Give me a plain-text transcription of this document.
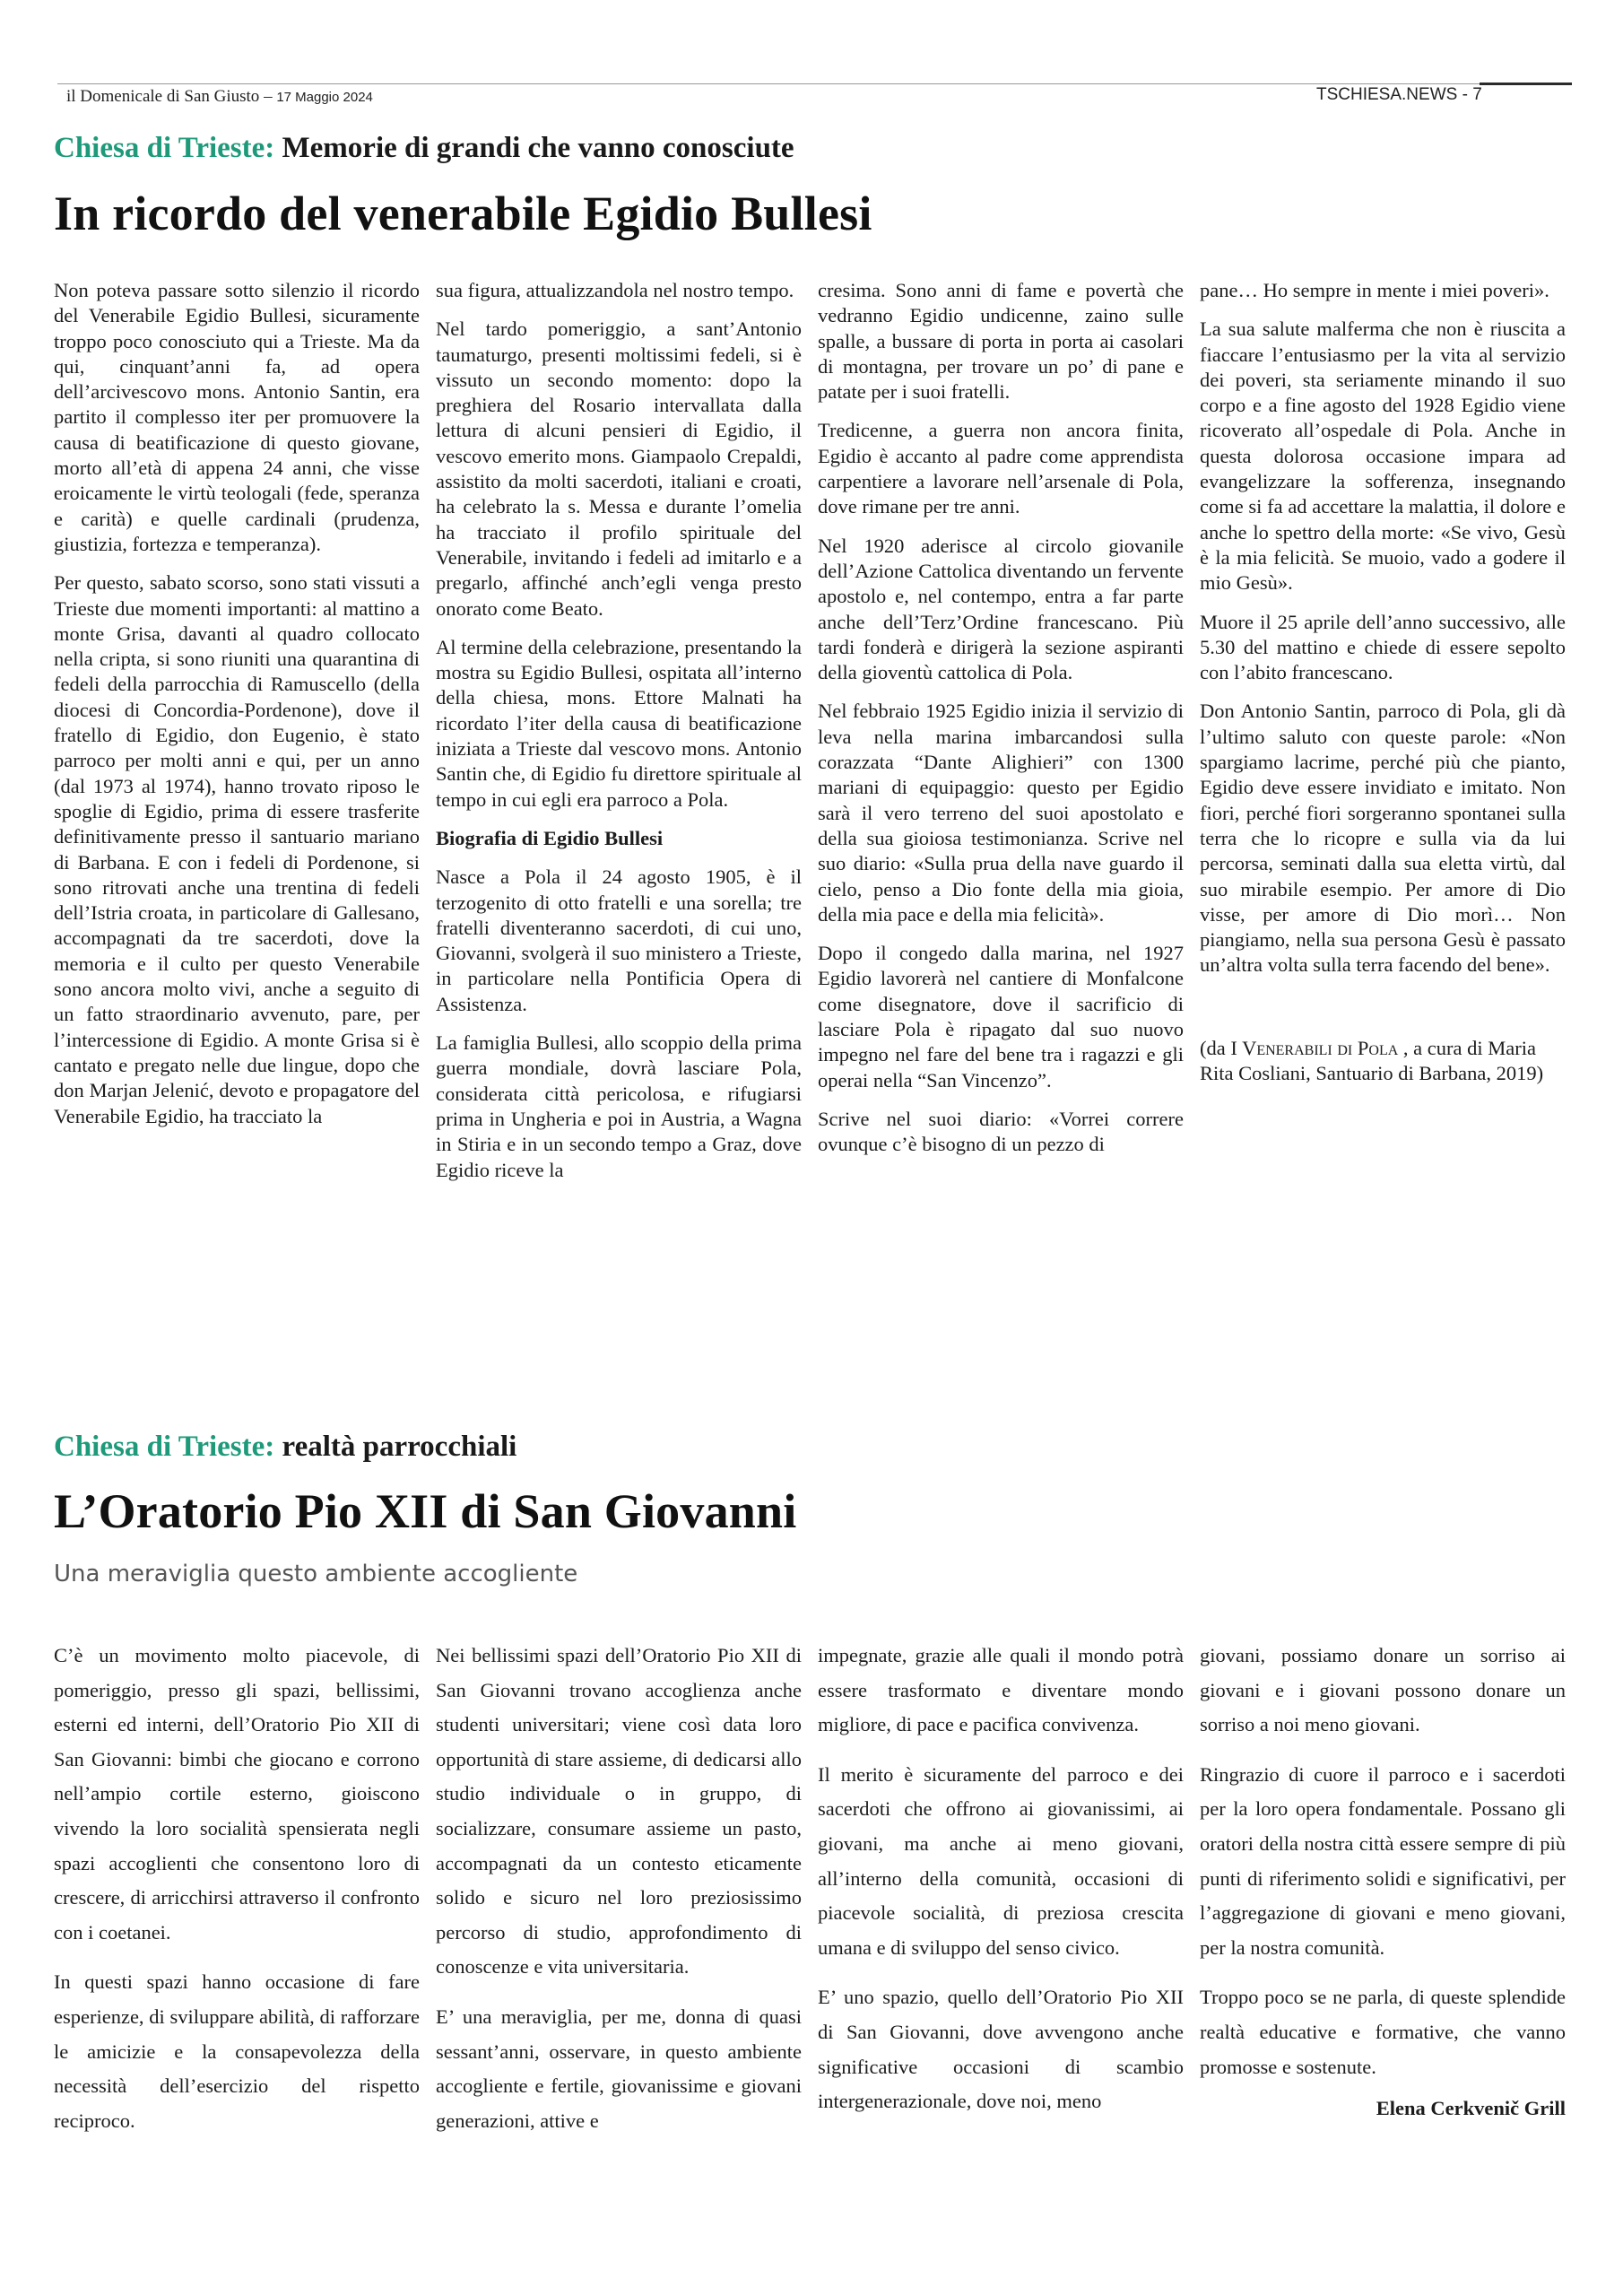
il Domenicale di San Giusto – 17 Maggio 2024	TSCHIESA.NEWS - 7
Chiesa di Trieste: Memorie di grandi che vanno conosciute
In ricordo del venerabile Egidio Bullesi

Non poteva passare sotto silenzio il ricordo del Venerabile Egidio Bullesi, sicuramente troppo poco conosciuto qui a Trieste. Ma da qui, cinquant’anni fa, ad opera dell’arcivescovo mons. Antonio Santin, era partito il complesso iter per promuovere la causa di beatificazione di questo giovane, morto all’età di appena 24 anni, che visse eroicamente le virtù teologali (fede, speranza e carità) e quelle cardinali (prudenza, giustizia, fortezza e temperanza).

Per questo, sabato scorso, sono stati vissuti a Trieste due momenti importanti: al mattino a monte Grisa, davanti al quadro collocato nella cripta, si sono riuniti una quarantina di fedeli della parrocchia di Ramuscello (della diocesi di Concordia-Pordenone), dove il fratello di Egidio, don Eugenio, è stato parroco per molti anni e qui, per un anno (dal 1973 al 1974), hanno trovato riposo le spoglie di Egidio, prima di essere trasferite definitivamente presso il santuario mariano di Barbana. E con i fedeli di Pordenone, si sono ritrovati anche una trentina di fedeli dell’Istria croata, in particolare di Gallesano, accompagnati da tre sacerdoti, dove la memoria e il culto per questo Venerabile sono ancora molto vivi, anche a seguito di un fatto straordinario avvenuto, pare, per l’intercessione di Egidio. A monte Grisa si è cantato e pregato nelle due lingue, dopo che don Marjan Jelenić, devoto e propagatore del Venerabile Egidio, ha tracciato la

sua figura, attualizzandola nel nostro tempo.

Nel tardo pomeriggio, a sant’Antonio taumaturgo, presenti moltissimi fedeli, si è vissuto un secondo momento: dopo la preghiera del Rosario intervallata dalla lettura di alcuni pensieri di Egidio, il vescovo emerito mons. Giampaolo Crepaldi, assistito da molti sacerdoti, italiani e croati, ha celebrato la s. Messa e durante l’omelia ha tracciato il profilo spirituale del Venerabile, invitando i fedeli ad imitarlo e a pregarlo, affinché anch’egli venga presto onorato come Beato.

Al termine della celebrazione, presentando la mostra su Egidio Bullesi, ospitata all’interno della chiesa, mons. Ettore Malnati ha ricordato l’iter della causa di beatificazione iniziata a Trieste dal vescovo mons. Antonio Santin che, di Egidio fu direttore spirituale al tempo in cui egli era parroco a Pola.

Biografia di Egidio Bullesi

Nasce a Pola il 24 agosto 1905, è il terzogenito di otto fratelli e una sorella; tre fratelli diventeranno sacerdoti, di cui uno, Giovanni, svolgerà il suo ministero a Trieste, in particolare nella Pontificia Opera di Assistenza.

La famiglia Bullesi, allo scoppio della prima guerra mondiale, dovrà lasciare Pola, considerata città pericolosa, e rifugiarsi prima in Ungheria e poi in Austria, a Wagna in Stiria e in un secondo tempo a Graz, dove Egidio riceve la

cresima. Sono anni di fame e povertà che vedranno Egidio undicenne, zaino sulle spalle, a bussare di porta in porta ai casolari di montagna, per trovare un po’ di pane e patate per i suoi fratelli.

Tredicenne, a guerra non ancora finita, Egidio è accanto al padre come apprendista carpentiere a lavorare nell’arsenale di Pola, dove rimane per tre anni.

Nel 1920 aderisce al circolo giovanile dell’Azione Cattolica diventando un fervente apostolo e, nel contempo, entra a far parte anche dell’Terz’Ordine francescano. Più tardi fonderà e dirigerà la sezione aspiranti della gioventù cattolica di Pola.

Nel febbraio 1925 Egidio inizia il servizio di leva nella marina imbarcandosi sulla corazzata “Dante Alighieri” con 1300 mariani di equipaggio: questo per Egidio sarà il vero terreno del suoi apostolato e della sua gioiosa testimonianza. Scrive nel suo diario: «Sulla prua della nave guardo il cielo, penso a Dio fonte della mia gioia, della mia pace e della mia felicità».

Dopo il congedo dalla marina, nel 1927 Egidio lavorerà nel cantiere di Monfalcone come disegnatore, dove il sacrificio di lasciare Pola è ripagato dal suo nuovo impegno nel fare del bene tra i ragazzi e gli operai nella “San Vincenzo”.

Scrive nel suoi diario: «Vorrei correre ovunque c’è bisogno di un pezzo di

pane… Ho sempre in mente i miei poveri».

La sua salute malferma che non è riuscita a fiaccare l’entusiasmo per la vita al servizio dei poveri, sta seriamente minando il suo corpo e a fine agosto del 1928 Egidio viene ricoverato all’ospedale di Pola. Anche in questa dolorosa occasione impara ad evangelizzare la sofferenza, insegnando come si fa ad accettare la malattia, il dolore e anche lo spettro della morte: «Se vivo, Gesù è la mia felicità. Se muoio, vado a godere il mio Gesù».

Muore il 25 aprile dell’anno successivo, alle 5.30 del mattino e chiede di essere sepolto con l’abito francescano.

Don Antonio Santin, parroco di Pola, gli dà l’ultimo saluto con queste parole: «Non spargiamo lacrime, perché più che pianto, Egidio deve essere invidiato e imitato. Non fiori, perché fiori sorgeranno spontanei sulla terra che lo ricopre e sulla via da lui percorsa, seminati dalla sua eletta virtù, dal suo mirabile esempio. Per amore di Dio visse, per amore di Dio morì… Non piangiamo, nella sua persona Gesù è passato un’altra volta sulla terra facendo del bene».

(da I Venerabili di Pola , a cura di Maria Rita Cosliani, Santuario di Barbana, 2019)

Chiesa di Trieste: realtà parrocchiali
L’Oratorio Pio XII di San Giovanni
Una meraviglia questo ambiente accogliente

C’è un movimento molto piacevole, di pomeriggio, presso gli spazi, bellissimi, esterni ed interni, dell’Oratorio Pio XII di San Giovanni: bimbi che giocano e corrono nell’ampio cortile esterno, gioiscono vivendo la loro socialità spensierata negli spazi accoglienti che consentono loro di crescere, di arricchirsi attraverso il confronto con i coetanei.

In questi spazi hanno occasione di fare esperienze, di sviluppare abilità, di rafforzare le amicizie e la consapevolezza della necessità dell’esercizio del rispetto reciproco.

Nei bellissimi spazi dell’Oratorio Pio XII di San Giovanni trovano accoglienza anche studenti universitari; viene così data loro opportunità di stare assieme, di dedicarsi allo studio individuale o in gruppo, di socializzare, consumare assieme un pasto, accompagnati da un contesto eticamente solido e sicuro nel loro preziosissimo percorso di studio, approfondimento di conoscenze e vita universitaria.

E’ una meraviglia, per me, donna di quasi sessant’anni, osservare, in questo ambiente accogliente e fertile, giovanissime e giovani generazioni, attive e

impegnate, grazie alle quali il mondo potrà essere trasformato e diventare mondo migliore, di pace e pacifica convivenza.

Il merito è sicuramente del parroco e dei sacerdoti che offrono ai giovanissimi, ai giovani, ma anche ai meno giovani, all’interno della comunità, occasioni di piacevole socialità, di preziosa crescita umana e di sviluppo del senso civico.

E’ uno spazio, quello dell’Oratorio Pio XII di San Giovanni, dove avvengono anche significative occasioni di scambio intergenerazionale, dove noi, meno

giovani, possiamo donare un sorriso ai giovani e i giovani possono donare un sorriso a noi meno giovani.

Ringrazio di cuore il parroco e i sacerdoti per la loro opera fondamentale. Possano gli oratori della nostra città essere sempre di più punti di riferimento solidi e significativi, per l’aggregazione di giovani e meno giovani, per la nostra comunità.

Troppo poco se ne parla, di queste splendide realtà educative e formative, che vanno promosse e sostenute.

Elena Cerkvenič Grill
